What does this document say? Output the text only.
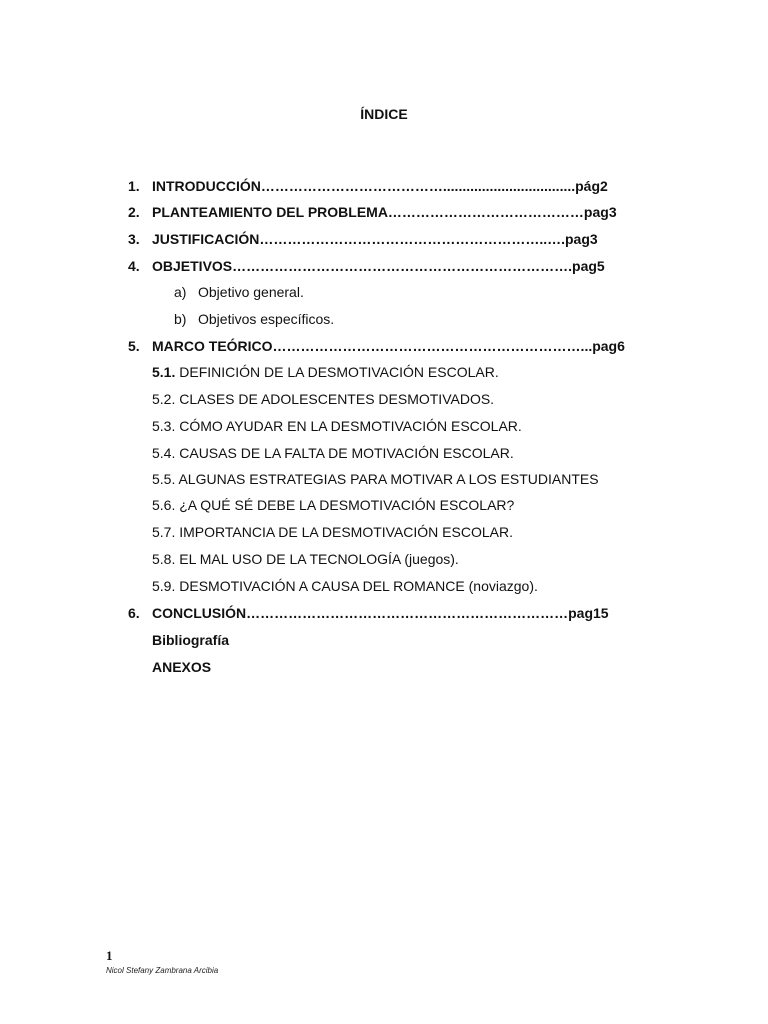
ÍNDICE
1. INTRODUCCIÓN…………………………………..................................pág2
2. PLANTEAMIENTO DEL PROBLEMA……………………………………pag3
3. JUSTIFICACIÓN……………………………………………………..….pag3
4. OBJETIVOS……………………………………………………………….pag5
a) Objetivo general.
b) Objetivos específicos.
5. MARCO TEÓRICO…………………………………………………………...pag6
5.1. DEFINICIÓN DE LA DESMOTIVACIÓN ESCOLAR.
5.2. CLASES DE ADOLESCENTES DESMOTIVADOS.
5.3. CÓMO AYUDAR EN LA DESMOTIVACIÓN ESCOLAR.
5.4. CAUSAS DE LA FALTA DE MOTIVACIÓN ESCOLAR.
5.5. ALGUNAS ESTRATEGIAS PARA MOTIVAR A LOS ESTUDIANTES
5.6. ¿A QUÉ SÉ DEBE LA DESMOTIVACIÓN ESCOLAR?
5.7. IMPORTANCIA DE LA DESMOTIVACIÓN ESCOLAR.
5.8. EL MAL USO DE LA TECNOLOGÍA (juegos).
5.9. DESMOTIVACIÓN A CAUSA DEL ROMANCE (noviazgo).
6. CONCLUSIÓN……………………………………………………………pag15
Bibliografía
ANEXOS
1
Nicol Stefany Zambrana Arcibia
